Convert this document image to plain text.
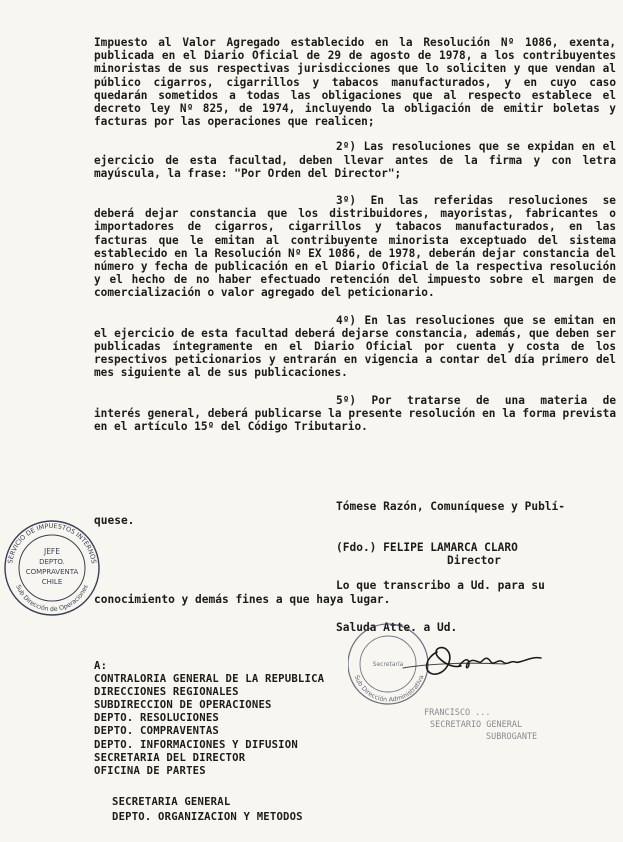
Impuesto al Valor Agregado establecido en la Resolución Nº 1086, exenta, publicada en el Diario Oficial de 29 de agosto de 1978, a los contribuyentes minoristas de sus respectivas jurisdicciones que lo soliciten y que vendan al público cigarros, cigarrillos y tabacos manufacturados, y en cuyo caso quedarán sometidos a todas las obligaciones que al respecto establece el decreto ley Nº 825, de 1974, incluyendo la obligación de emitir boletas y facturas por las operaciones que realicen;

2º) Las resoluciones que se expidan en el ejercicio de esta facultad, deben llevar antes de la firma y con letra mayúscula, la frase: "Por Orden del Director";

3º) En las referidas resoluciones se deberá dejar constancia que los distribuidores, mayoristas, fabricantes o importadores de cigarros, cigarrillos y tabacos manufacturados, en las facturas que le emitan al contribuyente minorista exceptuado del sistema establecido en la Resolución Nº EX 1086, de 1978, deberán dejar constancia del número y fecha de publicación en el Diario Oficial de la respectiva resolución y el hecho de no haber efectuado retención del impuesto sobre el margen de comercialización o valor agregado del peticionario.

4º) En las resoluciones que se emitan en el ejercicio de esta facultad deberá dejarse constancia, además, que deben ser publicadas íntegramente en el Diario Oficial por cuenta y costa de los respectivos peticionarios y entrarán en vigencia a contar del día primero del mes siguiente al de sus publicaciones.

5º) Por tratarse de una materia de interés general, deberá publicarse la presente resolución en la forma prevista en el artículo 15º del Código Tributario.

Tómese Razón, Comuníquese y Publí-
quese.
(Fdo.) FELIPE LAMARCA CLARO
Director
Lo que transcribo a Ud. para su
conocimiento y demás fines a que haya lugar.
Saluda Atte. a Ud.
A:
CONTRALORIA GENERAL DE LA REPUBLICA
DIRECCIONES REGIONALES
SUBDIRECCION DE OPERACIONES
DEPTO. RESOLUCIONES
DEPTO. COMPRAVENTAS
DEPTO. INFORMACIONES Y DIFUSION
SECRETARIA DEL DIRECTOR
OFICINA DE PARTES
SECRETARIA GENERAL
DEPTO. ORGANIZACION Y METODOS
SERVICIO DE IMPUESTOS INTERNOS
Sub Dirección de Operaciones
JEFE
DEPTO.
COMPRAVENTA
CHILE
Sub Dirección Administrativa
Secretaría
FRANCISCO ...
SECRETARIO GENERAL
SUBROGANTE
